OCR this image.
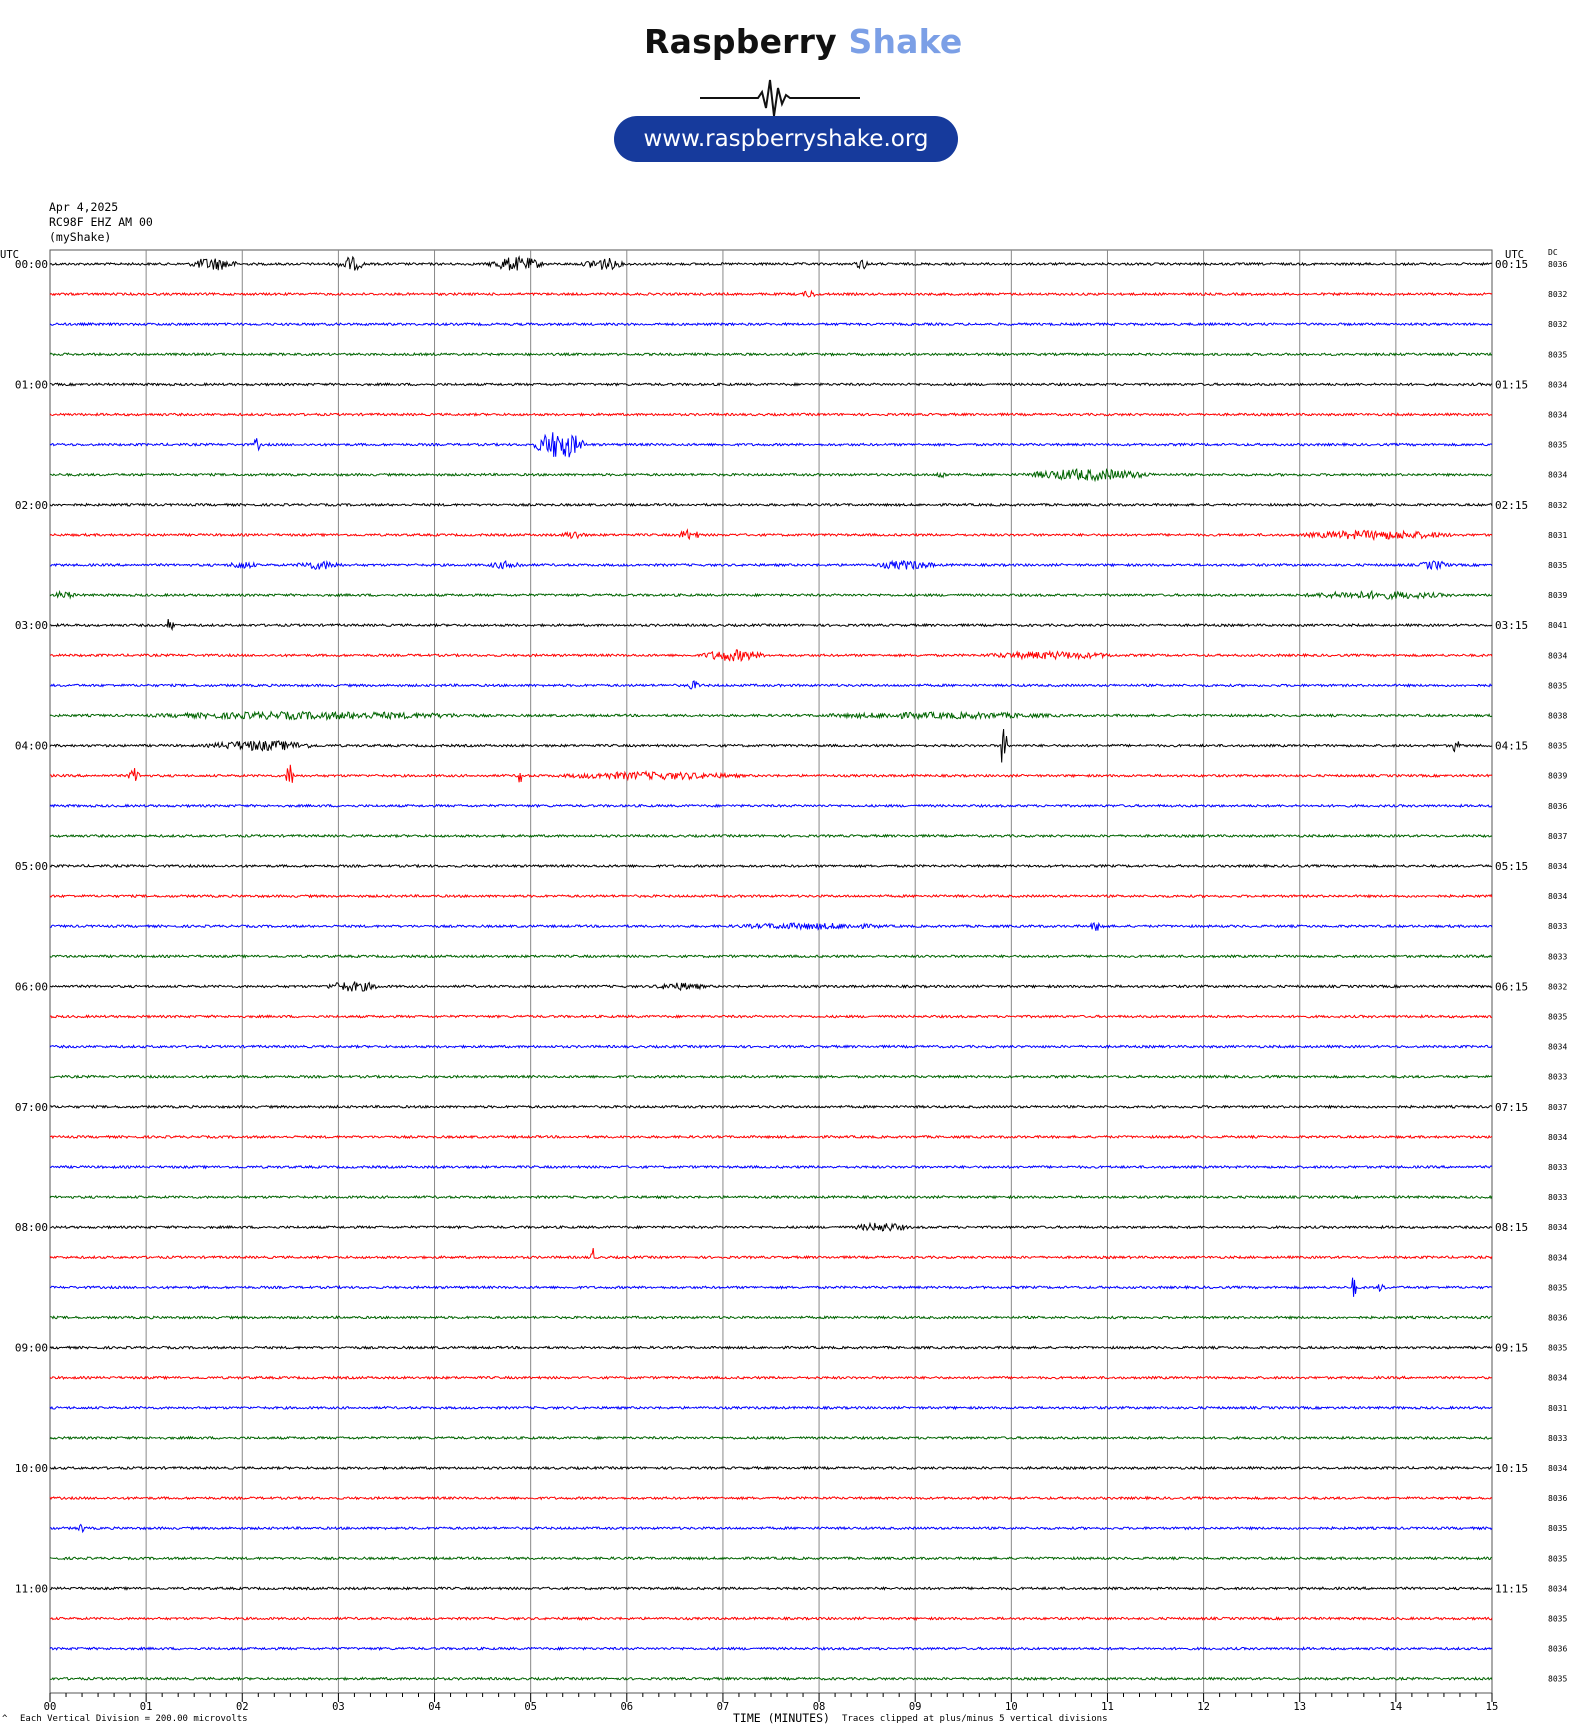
Raspberry Shake
www.raspberryshake.org
Apr 4,2025
RC98F EHZ AM 00
(myShake)
8036
8032
8032
8035
8034
8034
8035
8034
8032
8031
8035
8039
8041
8034
8035
8038
8035
8039
8036
8037
8034
8034
8033
8033
8032
8035
8034
8033
8037
8034
8033
8033
8034
8034
8035
8036
8035
8034
8031
8033
8034
8036
8035
8035
8034
8035
8036
8035
UTC	UTC	DC
00:00
01:00
02:00
03:00
04:00
05:00
06:00
07:00
08:00
09:00
10:00
11:00
00:15
01:15
02:15
03:15
04:15
05:15
06:15
07:15
08:15
09:15
10:15
11:15
00	01	02	03	04	05	06	07	08	09	10	11	12	13	14	15
^ Each Vertical Division = 200.00 microvolts	TIME (MINUTES) Traces clipped at plus/minus 5 vertical divisions
